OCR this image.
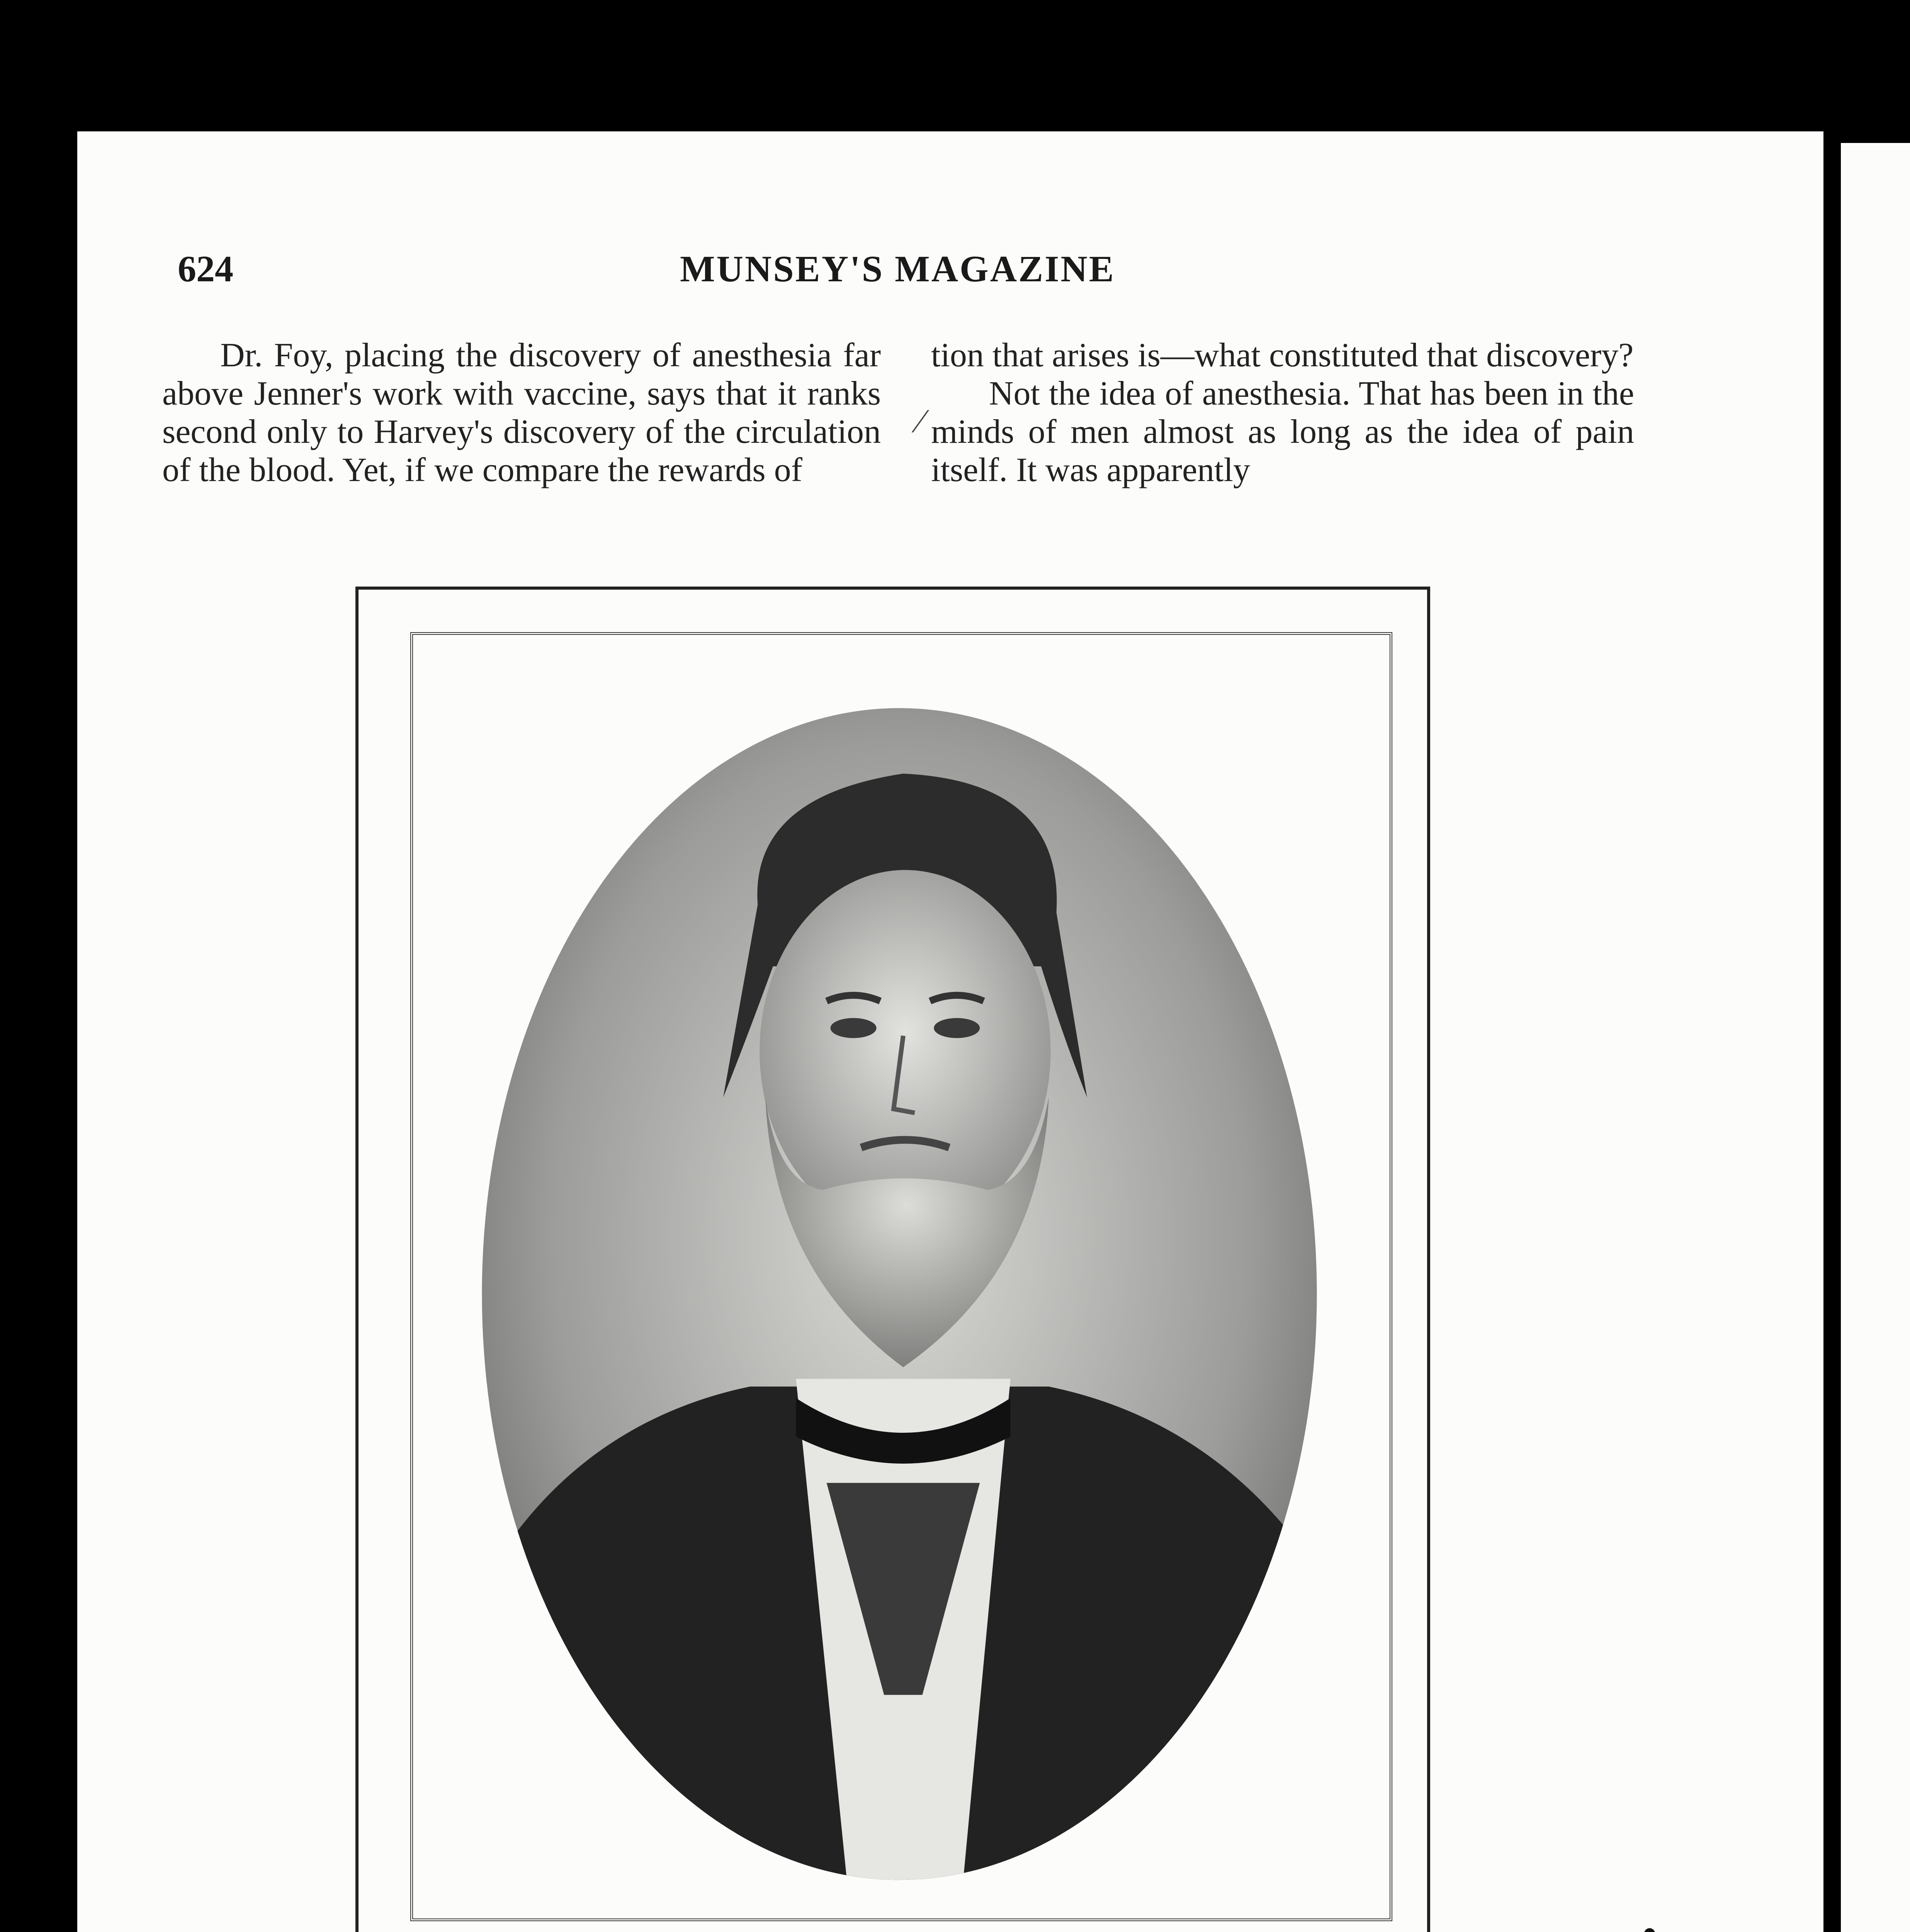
624	MUNSEY'S MAGAZINE

Dr. Foy, placing the discovery of anesthesia far above Jenner's work with vaccine, says that it ranks second only to Harvey's discovery of the circulation of the blood. Yet, if we compare the rewards of

⁄

tion that arises is—what constituted that discovery?

Not the idea of anesthesia. That has been in the minds of men almost as long as the idea of pain itself. It was apparently
